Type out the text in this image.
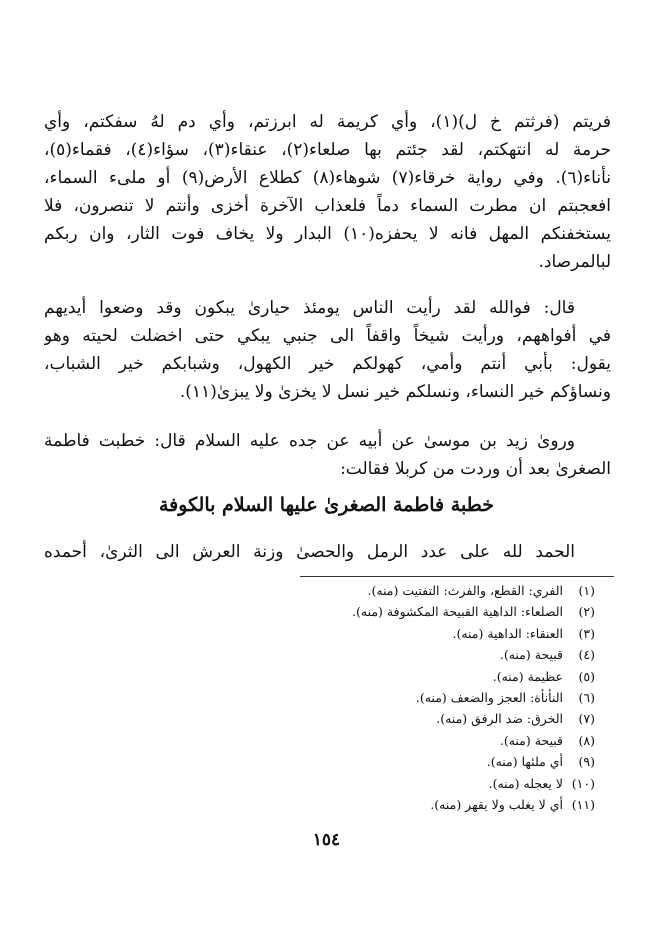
فريتم (فرثتم خ ل)(١)، وأي كريمة له ابرزتم، وأي دم لهُ سفكتم، وأي
حرمة له انتهكتم، لقد جئتم بها صلعاء(٢)، عنقاء(٣)، سؤاء(٤)، فقماء(٥)،
نأناء(٦). وفي رواية خرقاء(٧) شوهاء(٨) كطلاع الأرض(٩) أو ملىء السماء،
افعجبتم ان مطرت السماء دماً فلعذاب الآخرة أخزى وأنتم لا تنصرون، فلا
يستخفنكم المهل فانه لا يحفزه(١٠) البدار ولا يخاف فوت الثار، وان ربكم
لبالمرصاد.
قال: فوالله لقد رأيت الناس يومئذ حيارىٰ يبكون وقد وضعوا أيديهم
في أفواههم، ورأيت شيخاً واقفاً الى جنبي يبكي حتى اخضلت لحيته وهو
يقول: بأبي أنتم وأمي، كهولكم خير الكهول، وشبابكم خير الشباب،
ونساؤكم خير النساء، ونسلكم خير نسل لا يخزىٰ ولا يبزىٰ(١١).
وروىٰ زيد بن موسىٰ عن أبيه عن جده عليه السلام قال: خطبت فاطمة
الصغرىٰ بعد أن وردت من كربلا فقالت:
خطبة فاطمة الصغرىٰ عليها السلام بالكوفة
الحمد لله على عدد الرمل والحصىٰ وزنة العرش الى الثرىٰ، أحمده
(١) الفري: القطع، والفرث: التفتيت (منه).
(٢) الصلعاء: الداهية القبيحة المكشوفة (منه).
(٣) العنقاء: الداهية (منه).
(٤) قبيحة (منه).
(٥) عظيمة (منه).
(٦) النأنأة: العجز والضعف (منه).
(٧) الخرق: ضد الرفق (منه).
(٨) قبيحة (منه).
(٩) أي ملئها (منه).
(١٠) لا يعجله (منه).
(١١) أي لا يغلب ولا يقهر (منه).
١٥٤
